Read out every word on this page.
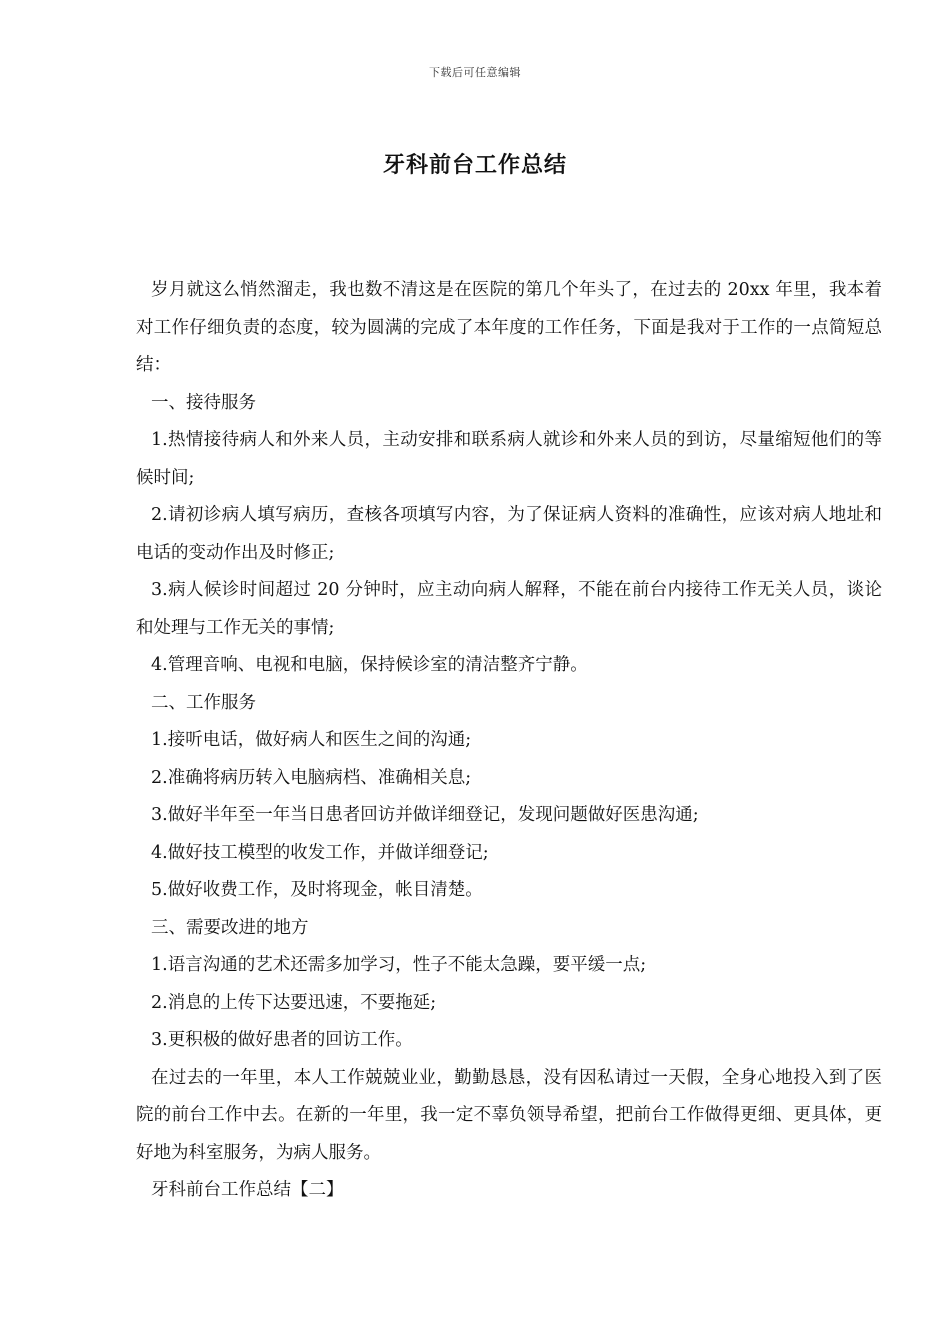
下载后可任意编辑
牙科前台工作总结

岁月就这么悄然溜走，我也数不清这是在医院的第几个年头了，在过去的 20xx 年里，我本着对工作仔细负责的态度，较为圆满的完成了本年度的工作任务，下面是我对于工作的一点简短总结：

一、接待服务

1.热情接待病人和外来人员，主动安排和联系病人就诊和外来人员的到访，尽量缩短他们的等候时间;

2.请初诊病人填写病历，查核各项填写内容，为了保证病人资料的准确性，应该对病人地址和电话的变动作出及时修正;

3.病人候诊时间超过 20 分钟时，应主动向病人解释，不能在前台内接待工作无关人员，谈论和处理与工作无关的事情;

4.管理音响、电视和电脑，保持候诊室的清洁整齐宁静。

二、工作服务

1.接听电话，做好病人和医生之间的沟通;

2.准确将病历转入电脑病档、准确相关息;

3.做好半年至一年当日患者回访并做详细登记，发现问题做好医患沟通;

4.做好技工模型的收发工作，并做详细登记;

5.做好收费工作，及时将现金，帐目清楚。

三、需要改进的地方

1.语言沟通的艺术还需多加学习，性子不能太急躁，要平缓一点;

2.消息的上传下达要迅速，不要拖延;

3.更积极的做好患者的回访工作。

在过去的一年里，本人工作兢兢业业，勤勤恳恳，没有因私请过一天假，全身心地投入到了医院的前台工作中去。在新的一年里，我一定不辜负领导希望，把前台工作做得更细、更具体，更好地为科室服务，为病人服务。

牙科前台工作总结【二】
